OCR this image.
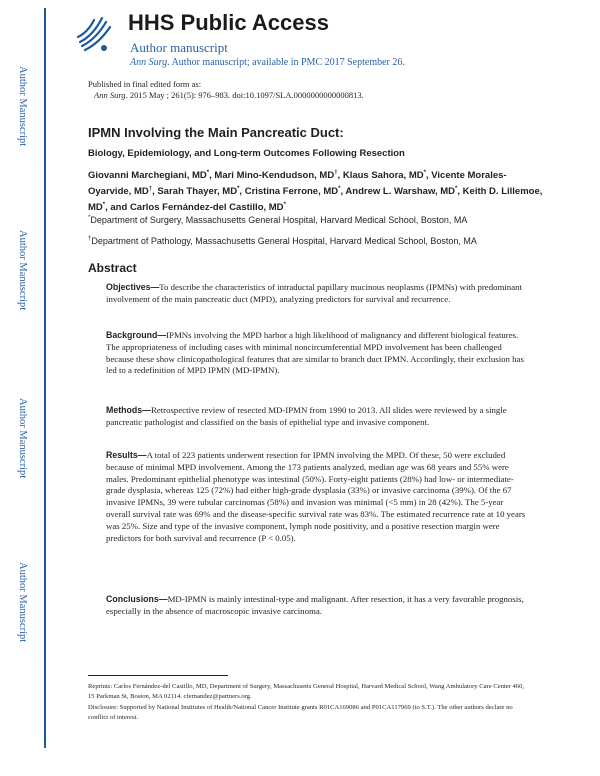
Author Manuscript
Author Manuscript
Author Manuscript
Author Manuscript
HHS Public Access
Author manuscript
Ann Surg. Author manuscript; available in PMC 2017 September 26.
Published in final edited form as:
Ann Surg. 2015 May ; 261(5): 976–983. doi:10.1097/SLA.0000000000000813.
IPMN Involving the Main Pancreatic Duct:
Biology, Epidemiology, and Long-term Outcomes Following Resection
Giovanni Marchegiani, MD*, Mari Mino-Kendudson, MD†, Klaus Sahora, MD*, Vicente Morales-Oyarvide, MD†, Sarah Thayer, MD*, Cristina Ferrone, MD*, Andrew L. Warshaw, MD*, Keith D. Lillemoe, MD*, and Carlos Fernández-del Castillo, MD*
*Department of Surgery, Massachusetts General Hospital, Harvard Medical School, Boston, MA
†Department of Pathology, Massachusetts General Hospital, Harvard Medical School, Boston, MA
Abstract
Objectives—To describe the characteristics of intraductal papillary mucinous neoplasms (IPMNs) with predominant involvement of the main pancreatic duct (MPD), analyzing predictors for survival and recurrence.
Background—IPMNs involving the MPD harbor a high likelihood of malignancy and different biological features. The appropriateness of including cases with minimal noncircumferential MPD involvement has been challenged because these show clinicopathological features that are similar to branch duct IPMN. Accordingly, their exclusion has led to a redefinition of MPD IPMN (MD-IPMN).
Methods—Retrospective review of resected MD-IPMN from 1990 to 2013. All slides were reviewed by a single pancreatic pathologist and classified on the basis of epithelial type and invasive component.
Results—A total of 223 patients underwent resection for IPMN involving the MPD. Of these, 50 were excluded because of minimal MPD involvement. Among the 173 patients analyzed, median age was 68 years and 55% were males. Predominant epithelial phenotype was intestinal (50%). Forty-eight patients (28%) had low- or intermediate-grade dysplasia, whereas 125 (72%) had either high-grade dysplasia (33%) or invasive carcinoma (39%). Of the 67 invasive IPMNs, 39 were tubular carcinomas (58%) and invasion was minimal (<5 mm) in 28 (42%). The 5-year overall survival rate was 69% and the disease-specific survival rate was 83%. The estimated recurrence rate at 10 years was 25%. Size and type of the invasive component, lymph node positivity, and a positive resection margin were predictors for both survival and recurrence (P < 0.05).
Conclusions—MD-IPMN is mainly intestinal-type and malignant. After resection, it has a very favorable prognosis, especially in the absence of macroscopic invasive carcinoma.
Reprints: Carlos Fernández-del Castillo, MD, Department of Surgery, Massachusetts General Hospital, Harvard Medical School, Wang Ambulatory Care Center 460, 15 Parkman St, Boston, MA 02114. cfernandez@partners.org.
Disclosure: Supported by National Institutes of Health/National Cancer Institute grants R01CA169086 and P01CA117969 (to S.T.). The other authors declare no conflict of interest.
